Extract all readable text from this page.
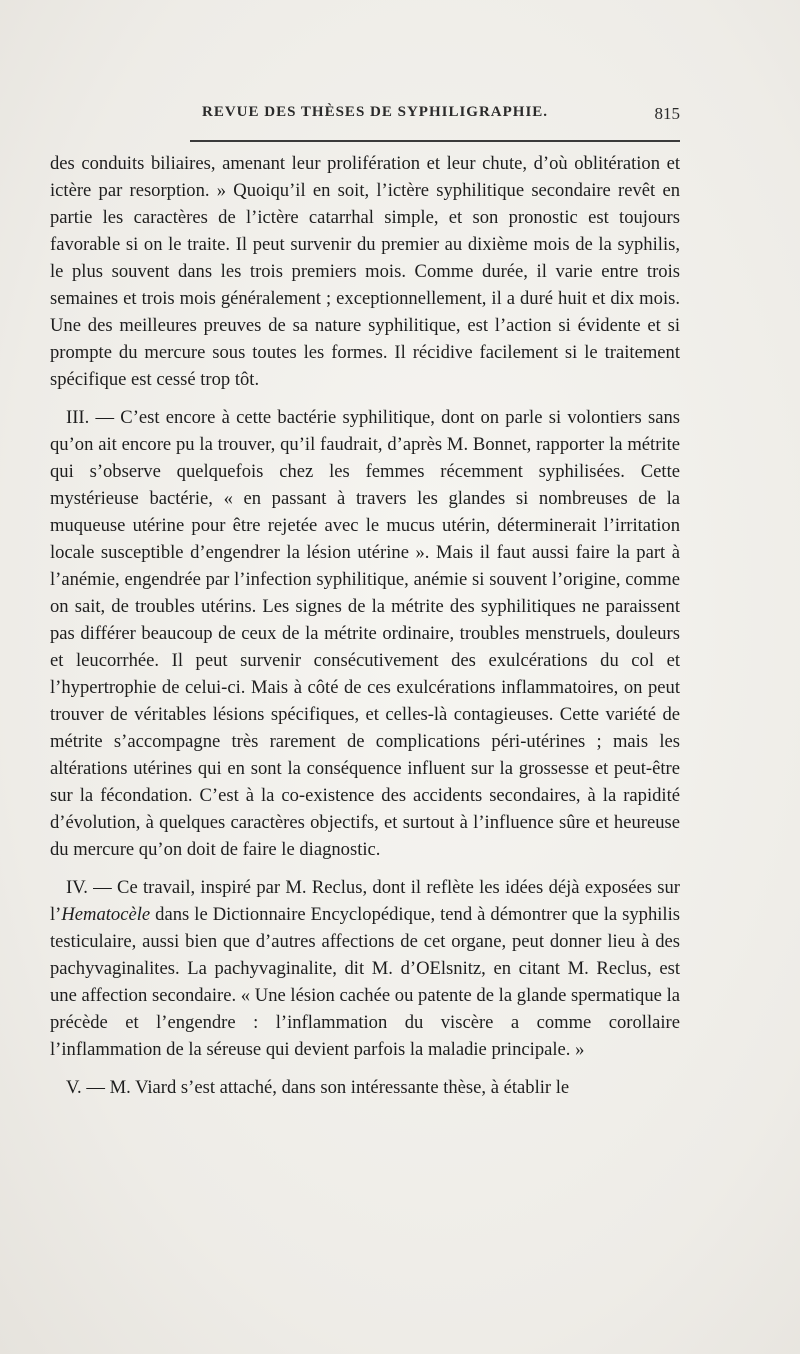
REVUE DES THÈSES DE SYPHILIGRAPHIE.	815

des conduits biliaires, amenant leur prolifération et leur chute, d’où oblitération et ictère par resorption. » Quoiqu’il en soit, l’ictère syphilitique secondaire revêt en partie les caractères de l’ictère catarrhal simple, et son pronostic est toujours favorable si on le traite. Il peut survenir du premier au dixième mois de la syphilis, le plus souvent dans les trois premiers mois. Comme durée, il varie entre trois semaines et trois mois généralement ; exceptionnellement, il a duré huit et dix mois. Une des meilleures preuves de sa nature syphilitique, est l’action si évidente et si prompte du mercure sous toutes les formes. Il récidive facilement si le traitement spécifique est cessé trop tôt.

III. — C’est encore à cette bactérie syphilitique, dont on parle si volontiers sans qu’on ait encore pu la trouver, qu’il faudrait, d’après M. Bonnet, rapporter la métrite qui s’observe quelquefois chez les femmes récemment syphilisées. Cette mystérieuse bactérie, « en passant à travers les glandes si nombreuses de la muqueuse utérine pour être rejetée avec le mucus utérin, déterminerait l’irritation locale susceptible d’engendrer la lésion utérine ». Mais il faut aussi faire la part à l’anémie, engendrée par l’infection syphilitique, anémie si souvent l’origine, comme on sait, de troubles utérins. Les signes de la métrite des syphilitiques ne paraissent pas différer beaucoup de ceux de la métrite ordinaire, troubles menstruels, douleurs et leucorrhée. Il peut survenir consécutivement des exulcérations du col et l’hypertrophie de celui-ci. Mais à côté de ces exulcérations inflammatoires, on peut trouver de véritables lésions spécifiques, et celles-là contagieuses. Cette variété de métrite s’accompagne très rarement de complications péri-utérines ; mais les altérations utérines qui en sont la conséquence influent sur la grossesse et peut-être sur la fécondation. C’est à la co-existence des accidents secondaires, à la rapidité d’évolution, à quelques caractères objectifs, et surtout à l’influence sûre et heureuse du mercure qu’on doit de faire le diagnostic.

IV. — Ce travail, inspiré par M. Reclus, dont il reflète les idées déjà exposées sur l’Hematocèle dans le Dictionnaire Encyclopédique, tend à démontrer que la syphilis testiculaire, aussi bien que d’autres affections de cet organe, peut donner lieu à des pachyvaginalites. La pachyvaginalite, dit M. d’OElsnitz, en citant M. Reclus, est une affection secondaire. « Une lésion cachée ou patente de la glande spermatique la précède et l’engendre : l’inflammation du viscère a comme corollaire l’inflammation de la séreuse qui devient parfois la maladie principale. »

V. — M. Viard s’est attaché, dans son intéressante thèse, à établir le
